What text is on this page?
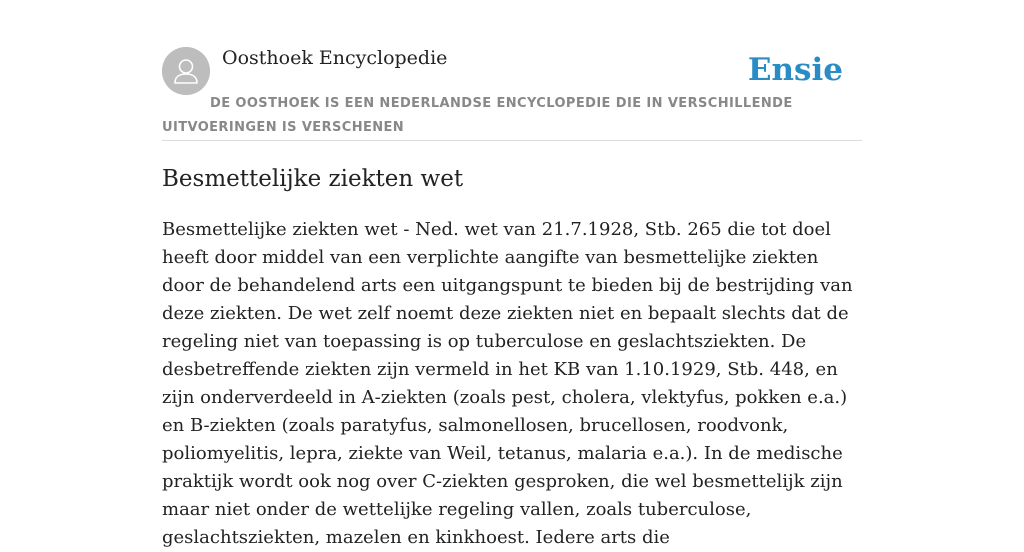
Oosthoek Encyclopedie	Ensie
DE OOSTHOEK IS EEN NEDERLANDSE ENCYCLOPEDIE DIE IN VERSCHILLENDE UITVOERINGEN IS VERSCHENEN
Besmettelijke ziekten wet

Besmettelijke ziekten wet - Ned. wet van 21.7.1928, Stb. 265 die tot doel heeft door middel van een verplichte aangifte van besmettelijke ziekten door de behandelend arts een uitgangspunt te bieden bij de bestrijding van deze ziekten. De wet zelf noemt deze ziekten niet en bepaalt slechts dat de regeling niet van toepassing is op tuberculose en geslachtsziekten. De desbetreffende ziekten zijn vermeld in het KB van 1.10.1929, Stb. 448, en zijn onderverdeeld in A-ziekten (zoals pest, cholera, vlektyfus, pokken e.a.) en B-ziekten (zoals paratyfus, salmonellosen, brucellosen, roodvonk, poliomyelitis, lepra, ziekte van Weil, tetanus, malaria e.a.). In de medische praktijk wordt ook nog over C-ziekten gesproken, die wel besmettelijk zijn maar niet onder de wettelijke regeling vallen, zoals tuberculose, geslachtsziekten, mazelen en kinkhoest. Iedere arts die
